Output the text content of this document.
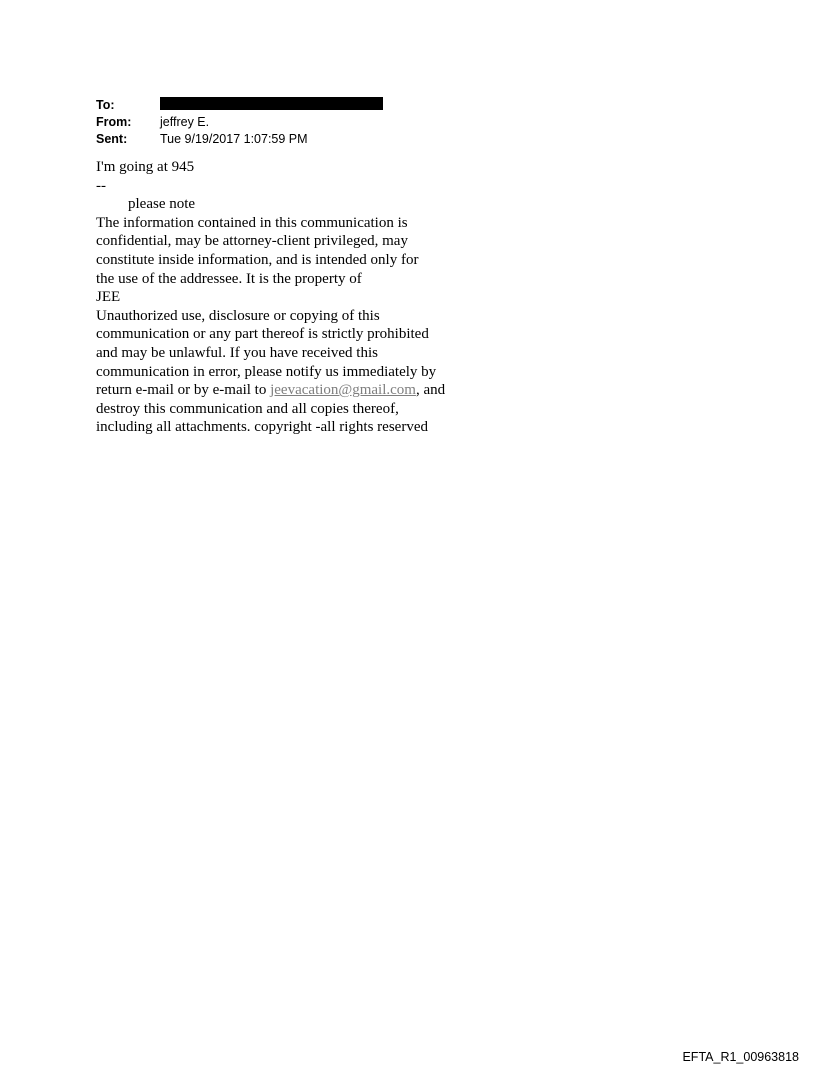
To:
From:	jeffrey E.
Sent:	Tue 9/19/2017 1:07:59 PM

I'm going at 945

--

please note

The information contained in this communication is

confidential, may be attorney-client privileged, may

constitute inside information, and is intended only for

the use of the addressee. It is the property of

JEE

Unauthorized use, disclosure or copying of this

communication or any part thereof is strictly prohibited

and may be unlawful. If you have received this

communication in error, please notify us immediately by

return e-mail or by e-mail to jeevacation@gmail.com, and

destroy this communication and all copies thereof,

including all attachments. copyright -all rights reserved

EFTA_R1_00963818
